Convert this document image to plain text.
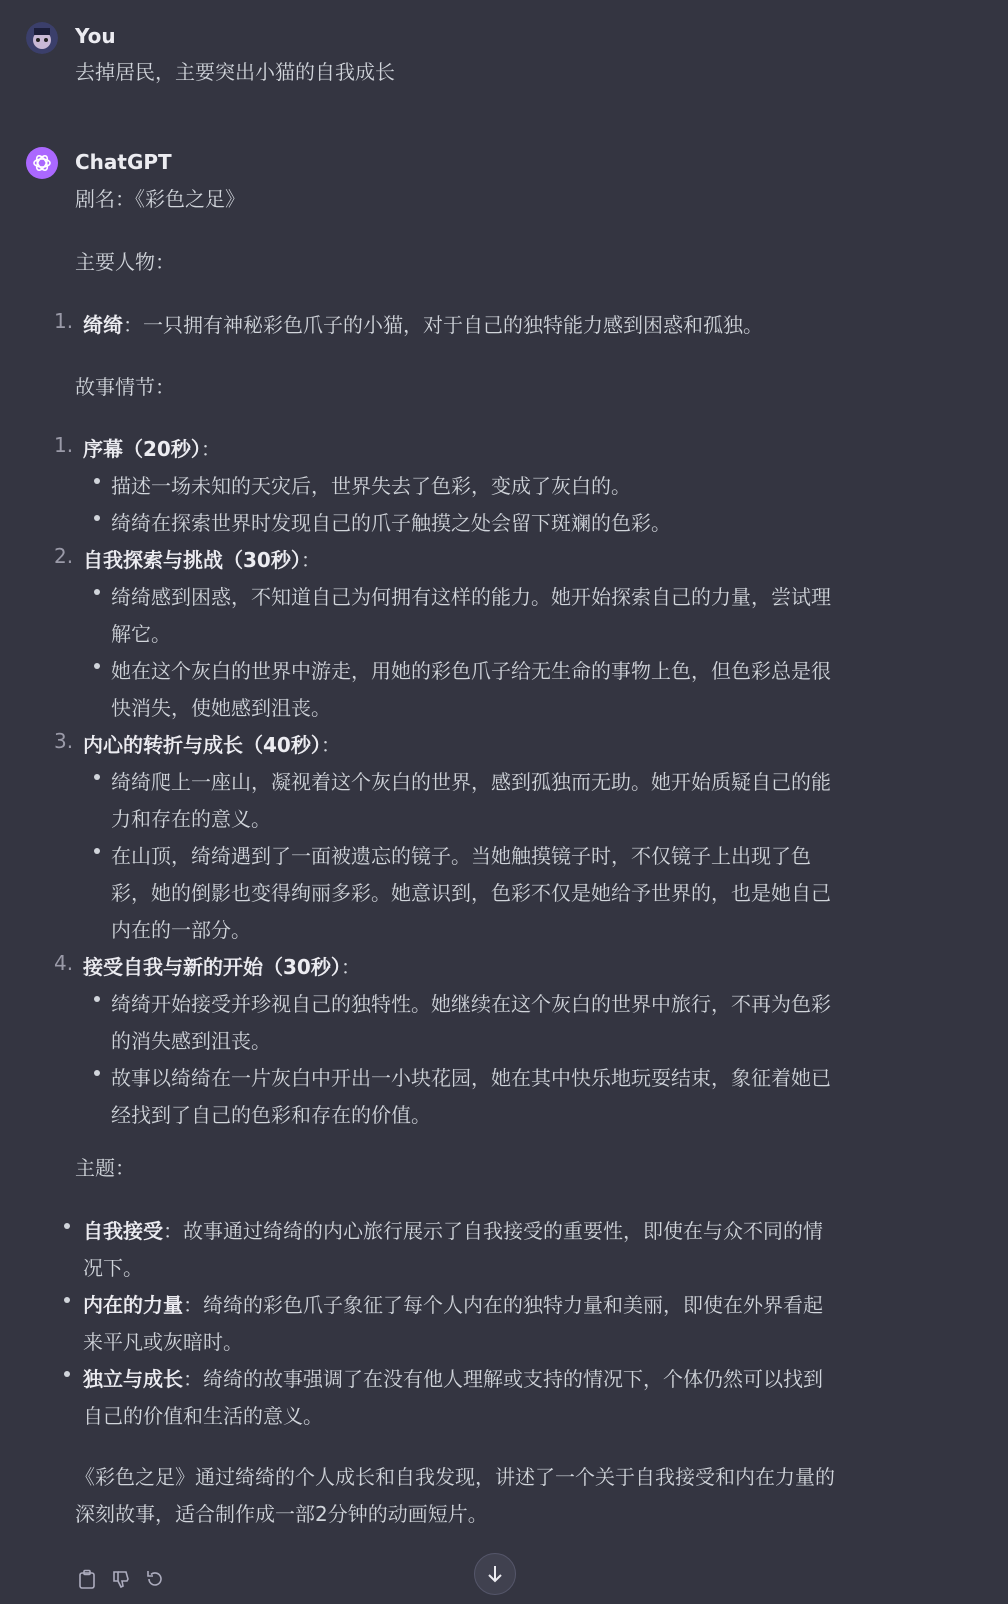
You
去掉居民，主要突出小猫的自我成长
ChatGPT
剧名：《彩色之足》
主要人物：
1. 绮绮：一只拥有神秘彩色爪子的小猫，对于自己的独特能力感到困惑和孤独。
故事情节：
1. 序幕（20秒）：
描述一场未知的天灾后，世界失去了色彩，变成了灰白的。
绮绮在探索世界时发现自己的爪子触摸之处会留下斑斓的色彩。
2. 自我探索与挑战（30秒）：
绮绮感到困惑，不知道自己为何拥有这样的能力。她开始探索自己的力量，尝试理
解它。
她在这个灰白的世界中游走，用她的彩色爪子给无生命的事物上色，但色彩总是很
快消失，使她感到沮丧。
3. 内心的转折与成长（40秒）：
绮绮爬上一座山，凝视着这个灰白的世界，感到孤独而无助。她开始质疑自己的能
力和存在的意义。
在山顶，绮绮遇到了一面被遗忘的镜子。当她触摸镜子时，不仅镜子上出现了色
彩，她的倒影也变得绚丽多彩。她意识到，色彩不仅是她给予世界的，也是她自己
内在的一部分。
4. 接受自我与新的开始（30秒）：
绮绮开始接受并珍视自己的独特性。她继续在这个灰白的世界中旅行，不再为色彩
的消失感到沮丧。
故事以绮绮在一片灰白中开出一小块花园，她在其中快乐地玩耍结束，象征着她已
经找到了自己的色彩和存在的价值。
主题：
自我接受：故事通过绮绮的内心旅行展示了自我接受的重要性，即使在与众不同的情
况下。
内在的力量：绮绮的彩色爪子象征了每个人内在的独特力量和美丽，即使在外界看起
来平凡或灰暗时。
独立与成长：绮绮的故事强调了在没有他人理解或支持的情况下，个体仍然可以找到
自己的价值和生活的意义。
《彩色之足》通过绮绮的个人成长和自我发现，讲述了一个关于自我接受和内在力量的
深刻故事，适合制作成一部2分钟的动画短片。
